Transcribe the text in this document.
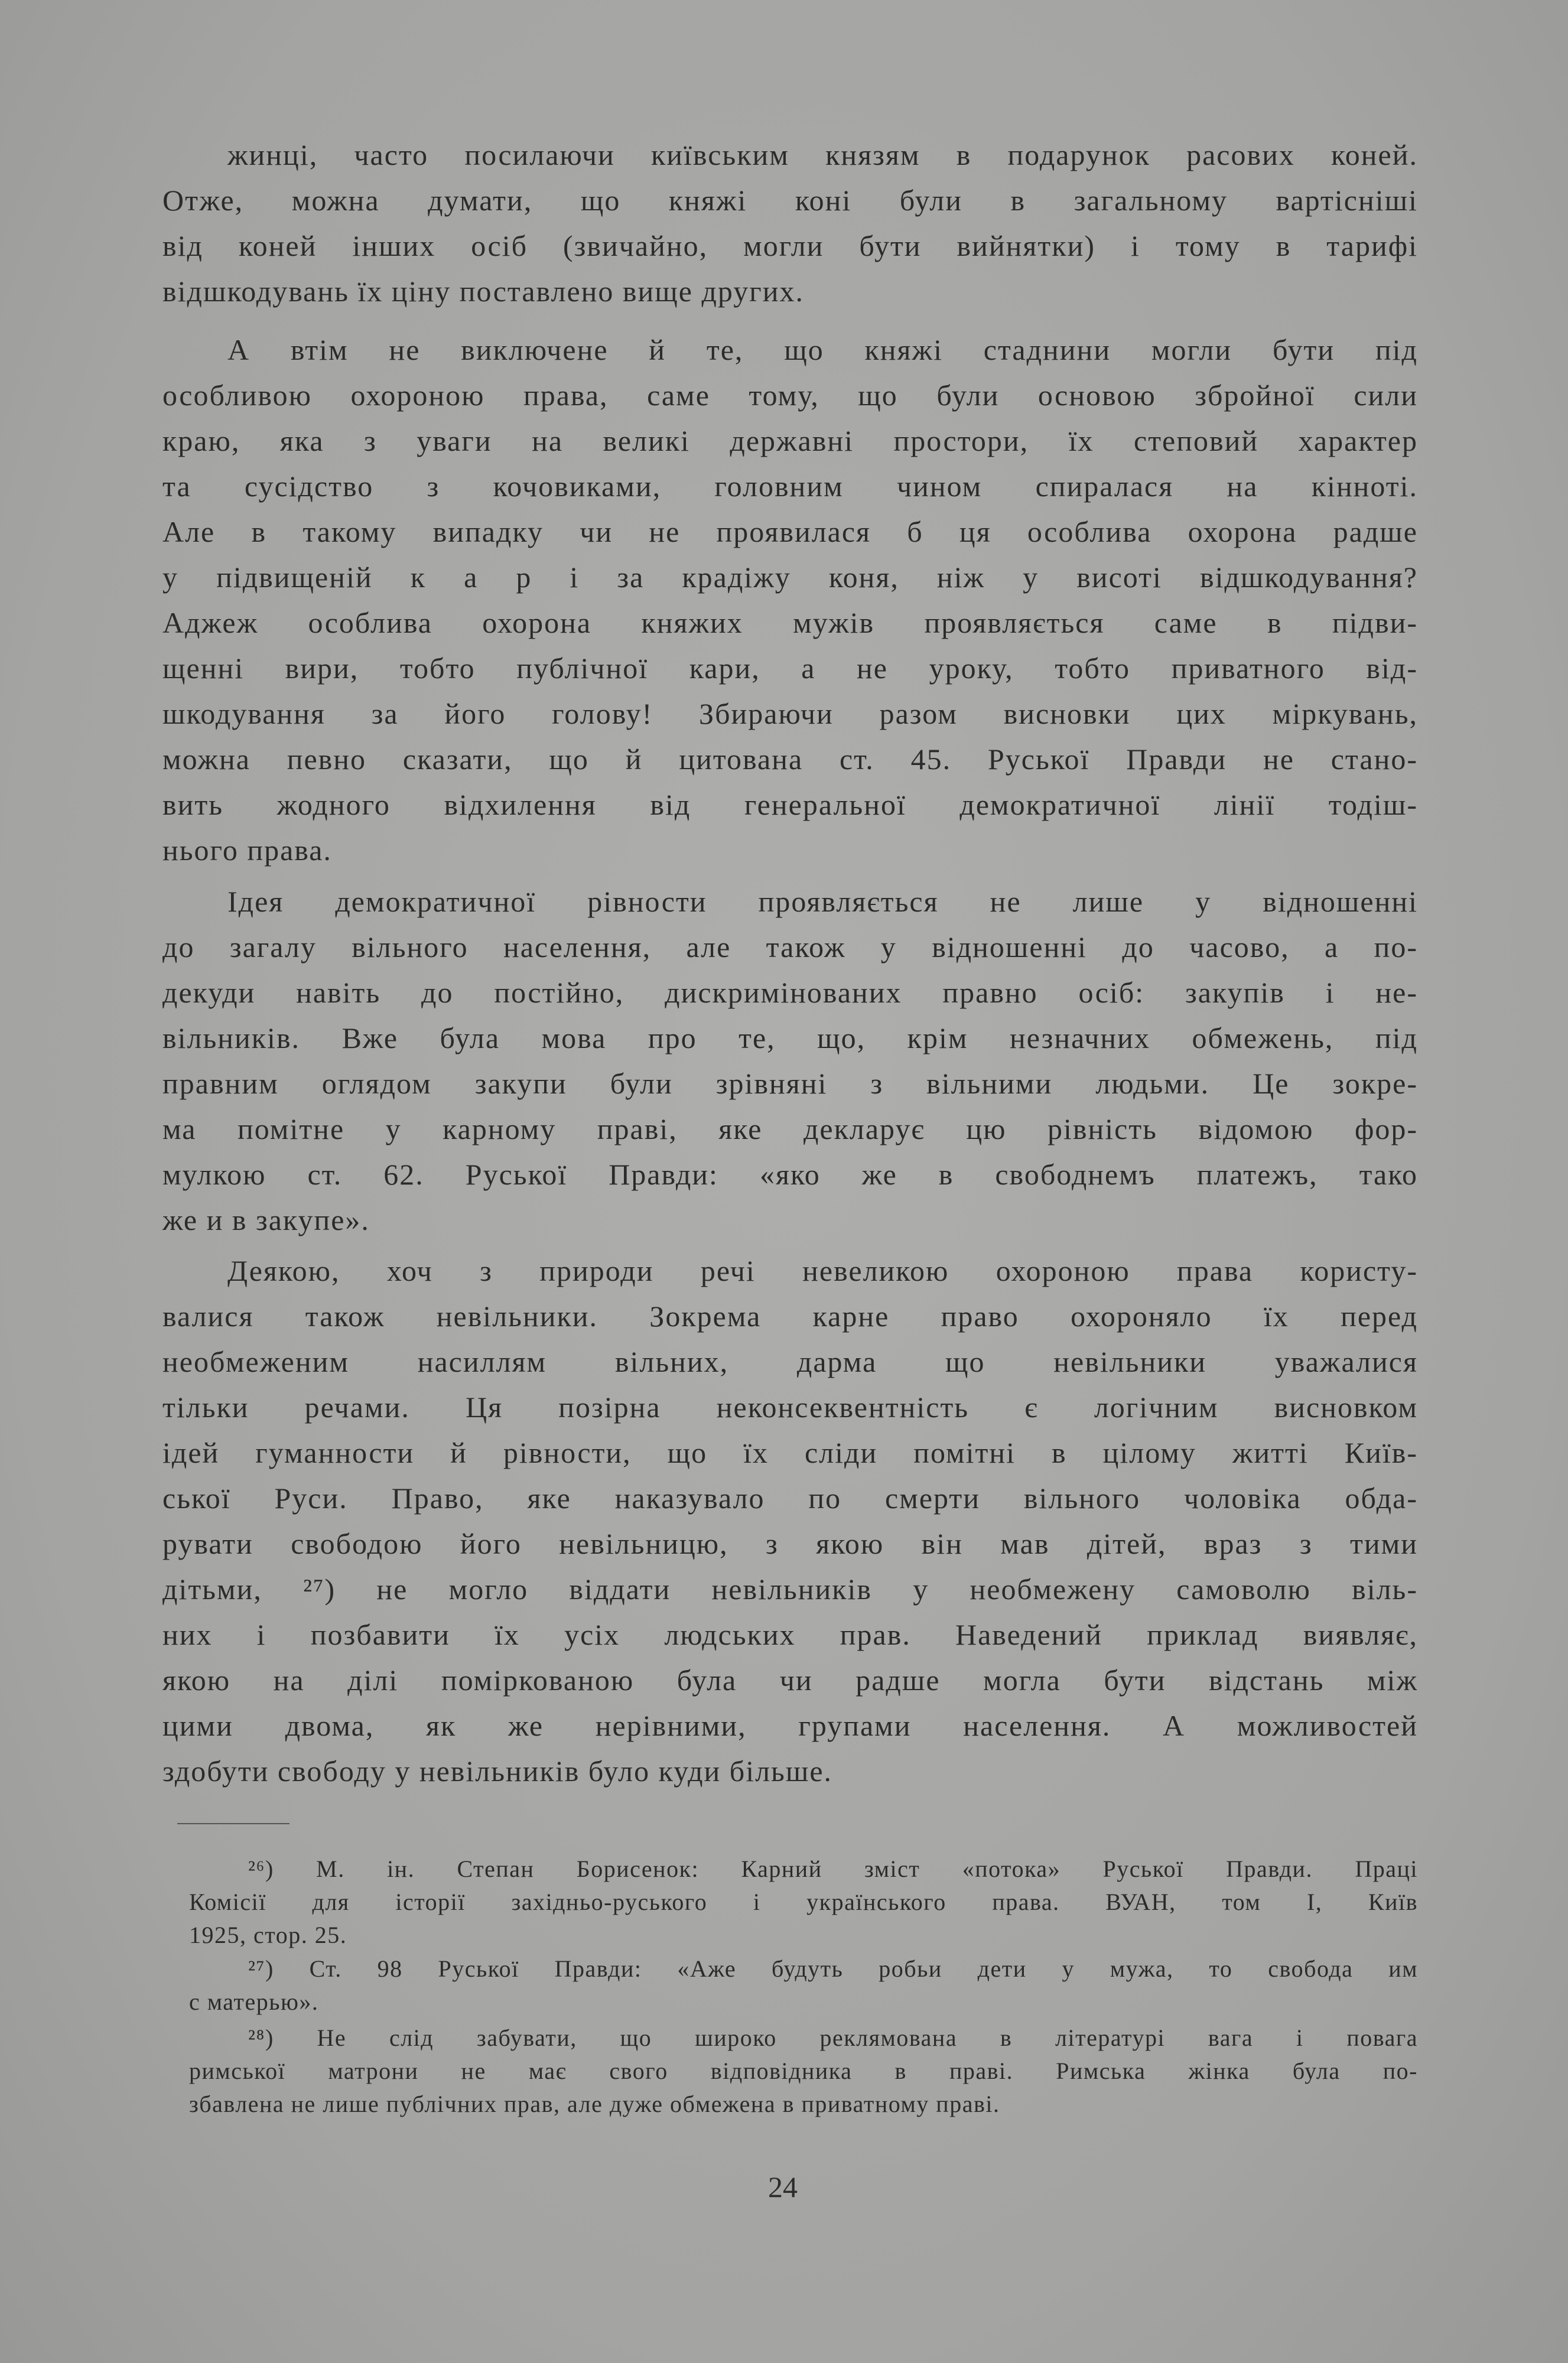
жинці, часто посилаючи київським князям в подарунок расових коней.
Отже, можна думати, що княжі коні були в загальному вартісніші
від коней інших осіб (звичайно, могли бути вийнятки) і тому в тарифі
відшкодувань їх ціну поставлено вище других.
А втім не виключене й те, що княжі стаднини могли бути під
особливою охороною права, саме тому, що були основою збройної сили
краю, яка з уваги на великі державні простори, їх степовий характер
та сусідство з кочовиками, головним чином спиралася на кінноті.
Але в такому випадку чи не проявилася б ця особлива охорона радше
у підвищеній к а р і за крадіжу коня, ніж у висоті відшкодування?
Аджеж особлива охорона княжих мужів проявляється саме в підви-
щенні вири, тобто публічної кари, а не уроку, тобто приватного від-
шкодування за його голову! Збираючи разом висновки цих міркувань,
можна певно сказати, що й цитована ст. 45. Руської Правди не стано-
вить жодного відхилення від генеральної демократичної лінії тодіш-
нього права.
Ідея демократичної рівности проявляється не лише у відношенні
до загалу вільного населення, але також у відношенні до часово, а по-
декуди навіть до постійно, дискримінованих правно осіб: закупів і не-
вільників. Вже була мова про те, що, крім незначних обмежень, під
правним оглядом закупи були зрівняні з вільними людьми. Це зокре-
ма помітне у карному праві, яке декларує цю рівність відомою фор-
мулкою ст. 62. Руської Правди: «яко же в свободнемъ платежъ, тако
же и в закупе».
Деякою, хоч з природи речі невеликою охороною права користу-
валися також невільники. Зокрема карне право охороняло їх перед
необмеженим насиллям вільних, дарма що невільники уважалися
тільки речами. Ця позірна неконсеквентність є логічним висновком
ідей гуманности й рівности, що їх сліди помітні в цілому житті Київ-
ської Руси. Право, яке наказувало по смерти вільного чоловіка обда-
рувати свободою його невільницю, з якою він мав дітей, враз з тими
дітьми, ²⁷) не могло віддати невільників у необмежену самоволю віль-
них і позбавити їх усіх людських прав. Наведений приклад виявляє,
якою на ділі поміркованою була чи радше могла бути відстань між
цими двома, як же нерівними, групами населення. А можливостей
здобути свободу у невільників було куди більше.
²⁶) М. ін. Степан Борисенок: Карний зміст «потока» Руської Правди. Праці
Комісії для історії західньо-руського і українського права. ВУАН, том І, Київ
1925, стор. 25.
²⁷) Ст. 98 Руської Правди: «Аже будуть робьи дети у мужа, то свобода им
с матерью».
²⁸) Не слід забувати, що широко реклямована в літературі вага і повага
римської матрони не має свого відповідника в праві. Римська жінка була по-
збавлена не лише публічних прав, але дуже обмежена в приватному праві.
24
